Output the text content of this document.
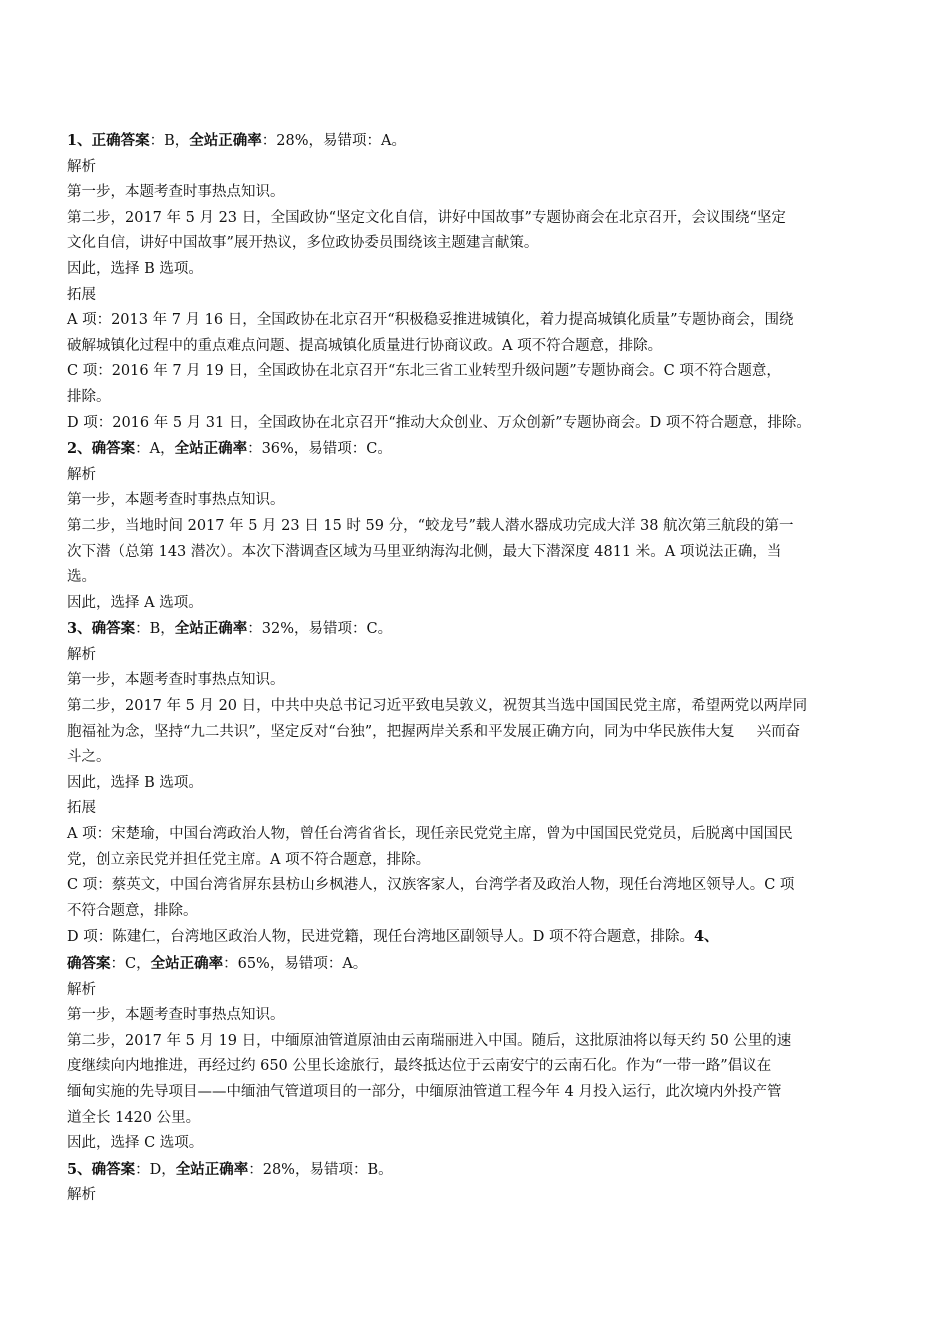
1、正确答案：B，全站正确率：28%，易错项：A。
解析
第一步，本题考查时事热点知识。
第二步，2017 年 5 月 23 日，全国政协“坚定文化自信，讲好中国故事”专题协商会在北京召开，会议围绕“坚定
文化自信，讲好中国故事”展开热议，多位政协委员围绕该主题建言献策。
因此，选择 B 选项。
拓展
A 项：2013 年 7 月 16 日，全国政协在北京召开“积极稳妥推进城镇化，着力提高城镇化质量”专题协商会，围绕
破解城镇化过程中的重点难点问题、提高城镇化质量进行协商议政。A 项不符合题意，排除。
C 项：2016 年 7 月 19 日，全国政协在北京召开“东北三省工业转型升级问题”专题协商会。C 项不符合题意，
排除。
D 项：2016 年 5 月 31 日，全国政协在北京召开“推动大众创业、万众创新”专题协商会。D 项不符合题意，排除。
2、确答案：A，全站正确率：36%，易错项：C。
解析
第一步，本题考查时事热点知识。
第二步，当地时间 2017 年 5 月 23 日 15 时 59 分，“蛟龙号”载人潜水器成功完成大洋 38 航次第三航段的第一
次下潜（总第 143 潜次）。本次下潜调查区域为马里亚纳海沟北侧，最大下潜深度 4811 米。A 项说法正确，当
选。
因此，选择 A 选项。
3、确答案：B，全站正确率：32%，易错项：C。
解析
第一步，本题考查时事热点知识。
第二步，2017 年 5 月 20 日，中共中央总书记习近平致电吴敦义，祝贺其当选中国国民党主席，希望两党以两岸同
胞福祉为念，坚持“九二共识”，坚定反对“台独”，把握两岸关系和平发展正确方向，同为中华民族伟大复 兴而奋
斗之。
因此，选择 B 选项。
拓展
A 项：宋楚瑜，中国台湾政治人物，曾任台湾省省长，现任亲民党党主席，曾为中国国民党党员，后脱离中国国民
党，创立亲民党并担任党主席。A 项不符合题意，排除。
C 项：蔡英文，中国台湾省屏东县枋山乡枫港人，汉族客家人，台湾学者及政治人物，现任台湾地区领导人。C 项
不符合题意，排除。
D 项：陈建仁，台湾地区政治人物，民进党籍，现任台湾地区副领导人。D 项不符合题意，排除。4、
确答案：C，全站正确率：65%，易错项：A。
解析
第一步，本题考查时事热点知识。
第二步，2017 年 5 月 19 日，中缅原油管道原油由云南瑞丽进入中国。随后，这批原油将以每天约 50 公里的速
度继续向内地推进，再经过约 650 公里长途旅行，最终抵达位于云南安宁的云南石化。作为“一带一路”倡议在
缅甸实施的先导项目——中缅油气管道项目的一部分，中缅原油管道工程今年 4 月投入运行，此次境内外投产管
道全长 1420 公里。
因此，选择 C 选项。
5、确答案：D，全站正确率：28%，易错项：B。
解析
